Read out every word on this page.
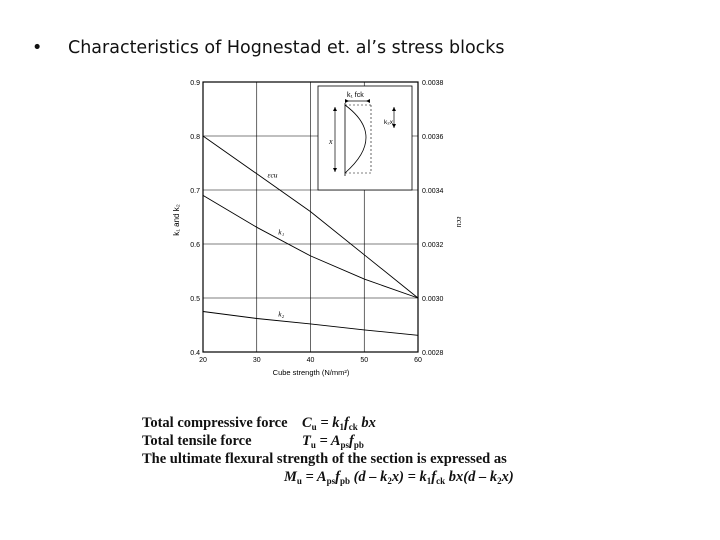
• Characteristics of Hognestad et. al’s stress blocks
0.4
0.5
0.6
0.7
0.8
0.9
0.0028
0.0030
0.0032
0.0034
0.0036
0.0038
20	30	40	50	60
εcu
k₁
k₂
k₁ and k₂	εcu
Cube strength (N/mm²)
k₁ fck
x
k₂x
Total compressive force $C_u = k_1f_{ck}$ bx
Total tensile force	$T_u = A_{ps}f_{pb}$
The ultimate flexural strength of the section is expressed as
$M_u = A_{ps}f_{pb}$ $(d - k_2x) = k_1f_{ck}$ $bx(d - k_2x)$
